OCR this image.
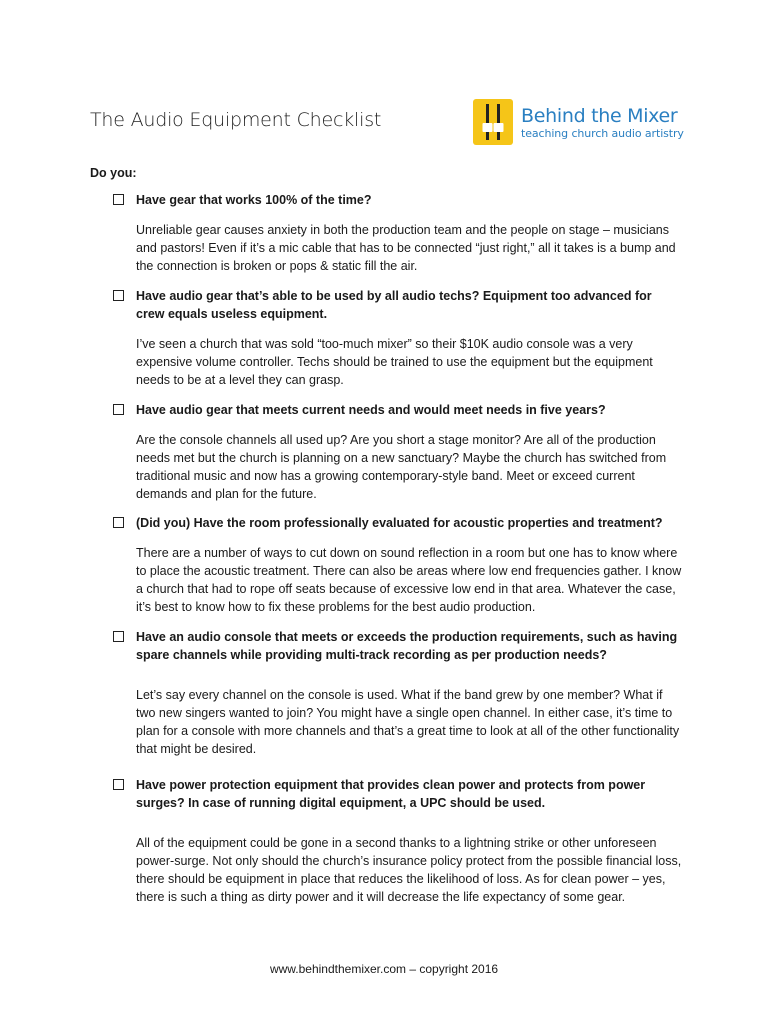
The Audio Equipment Checklist	Behind the Mixer
teaching church audio artistry
Do you:
Have gear that works 100% of the time?
Unreliable gear causes anxiety in both the production team and the people on stage – musicians and pastors! Even if it’s a mic cable that has to be connected “just right,” all it takes is a bump and the connection is broken or pops & static fill the air.
Have audio gear that’s able to be used by all audio techs? Equipment too advanced for crew equals useless equipment.
I’ve seen a church that was sold “too-much mixer” so their $10K audio console was a very expensive volume controller. Techs should be trained to use the equipment but the equipment needs to be at a level they can grasp.
Have audio gear that meets current needs and would meet needs in five years?
Are the console channels all used up? Are you short a stage monitor? Are all of the production needs met but the church is planning on a new sanctuary? Maybe the church has switched from traditional music and now has a growing contemporary-style band. Meet or exceed current demands and plan for the future.
(Did you) Have the room professionally evaluated for acoustic properties and treatment?
There are a number of ways to cut down on sound reflection in a room but one has to know where to place the acoustic treatment. There can also be areas where low end frequencies gather. I know a church that had to rope off seats because of excessive low end in that area. Whatever the case, it’s best to know how to fix these problems for the best audio production.
Have an audio console that meets or exceeds the production requirements, such as having spare channels while providing multi-track recording as per production needs?
Let’s say every channel on the console is used. What if the band grew by one member? What if two new singers wanted to join? You might have a single open channel. In either case, it’s time to plan for a console with more channels and that’s a great time to look at all of the other functionality that might be desired.
Have power protection equipment that provides clean power and protects from power surges? In case of running digital equipment, a UPC should be used.
All of the equipment could be gone in a second thanks to a lightning strike or other unforeseen power-surge. Not only should the church’s insurance policy protect from the possible financial loss, there should be equipment in place that reduces the likelihood of loss. As for clean power – yes, there is such a thing as dirty power and it will decrease the life expectancy of some gear.
www.behindthemixer.com – copyright 2016
